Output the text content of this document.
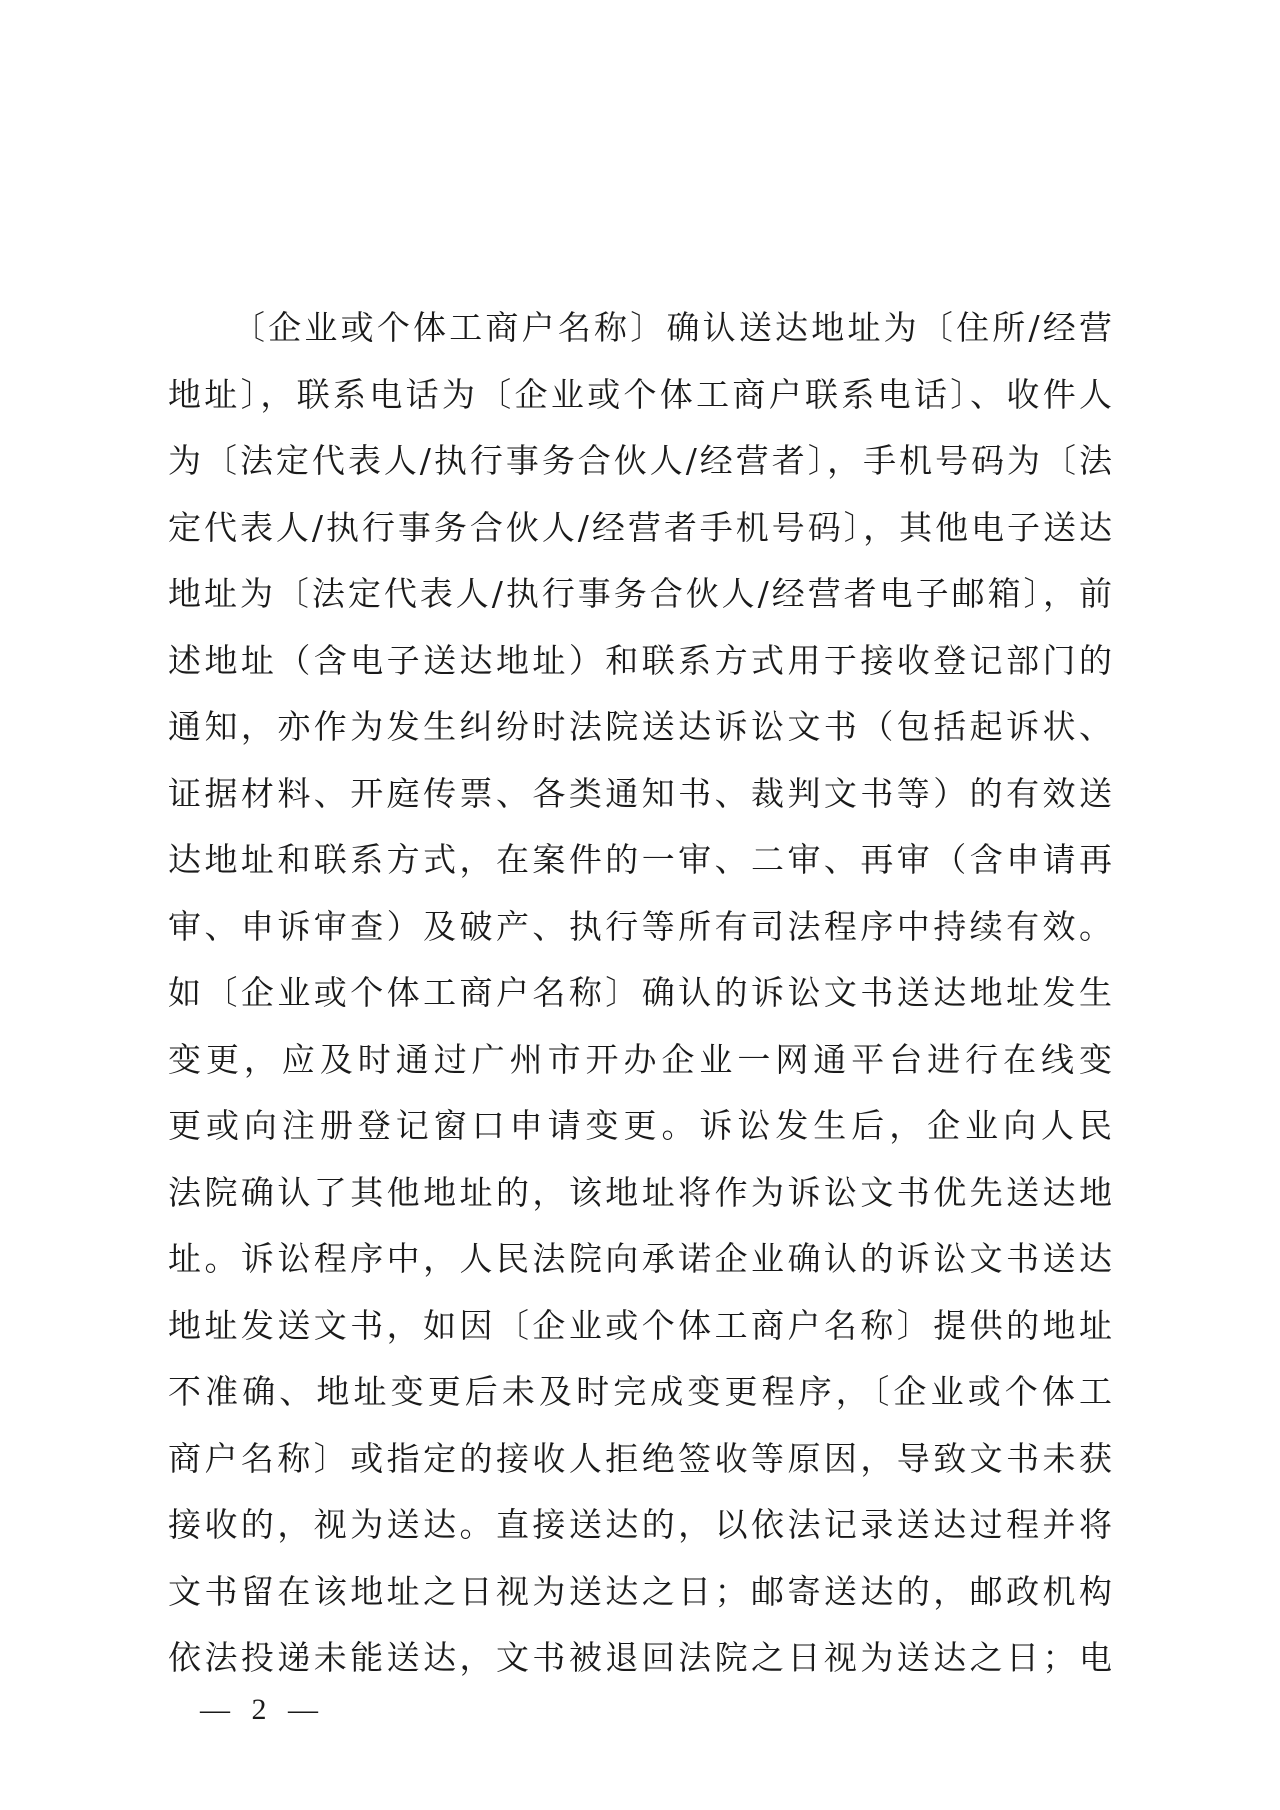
〔企业或个体工商户名称〕确认送达地址为〔住所/经营
地址〕，联系电话为〔企业或个体工商户联系电话〕、收件人
为〔法定代表人/执行事务合伙人/经营者〕，手机号码为〔法
定代表人/执行事务合伙人/经营者手机号码〕，其他电子送达
地址为〔法定代表人/执行事务合伙人/经营者电子邮箱〕，前
述地址（含电子送达地址）和联系方式用于接收登记部门的
通知，亦作为发生纠纷时法院送达诉讼文书（包括起诉状、
证据材料、开庭传票、各类通知书、裁判文书等）的有效送
达地址和联系方式，在案件的一审、二审、再审（含申请再
审、申诉审查）及破产、执行等所有司法程序中持续有效。
如〔企业或个体工商户名称〕确认的诉讼文书送达地址发生
变更，应及时通过广州市开办企业一网通平台进行在线变
更或向注册登记窗口申请变更。诉讼发生后，企业向人民
法院确认了其他地址的，该地址将作为诉讼文书优先送达地
址。诉讼程序中，人民法院向承诺企业确认的诉讼文书送达
地址发送文书，如因〔企业或个体工商户名称〕提供的地址
不准确、地址变更后未及时完成变更程序，〔企业或个体工
商户名称〕或指定的接收人拒绝签收等原因，导致文书未获
接收的，视为送达。直接送达的，以依法记录送达过程并将
文书留在该地址之日视为送达之日；邮寄送达的，邮政机构
依法投递未能送达，文书被退回法院之日视为送达之日；电
— 2 —
